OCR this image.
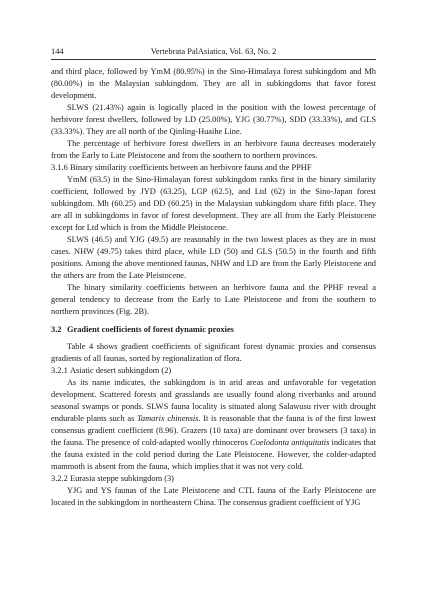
144	Vertebrata PalAsiatica, Vol. 63, No. 2

and third place, followed by YmM (80.95%) in the Sino-Himalaya forest subkingdom and Mh (80.00%) in the Malaysian subkingdom. They are all in subkingdoms that favor forest development.

SLWS (21.43%) again is logically placed in the position with the lowest percentage of herbivore forest dwellers, followed by LD (25.00%), YJG (30.77%), SDD (33.33%), and GLS (33.33%). They are all north of the Qinling-Huaihe Line.

The percentage of herbivore forest dwellers in an herbivore fauna decreases moderately from the Early to Late Pleistocene and from the southern to northern provinces.

3.1.6 Binary similarity coefficients between an herbivore fauna and the PPHF

YmM (63.5) in the Sino-Himalayan forest subkingdom ranks first in the binary similarity coefficient, followed by JYD (63.25), LGP (62.5), and Ltd (62) in the Sino-Japan forest subkingdom. Mh (60.25) and DD (60.25) in the Malaysian subkingdom share fifth place. They are all in subkingdoms in favor of forest development. They are all from the Early Pleistocene except for Ltd which is from the Middle Pleistocene.

SLWS (46.5) and YJG (49.5) are reasonably in the two lowest places as they are in most cases. NHW (49.75) takes third place, while LD (50) and GLS (50.5) in the fourth and fifth positions. Among the above mentioned faunas, NHW and LD are from the Early Pleistocene and the others are from the Late Pleistocene.

The binary similarity coefficients between an herbivore fauna and the PPHF reveal a general tendency to decrease from the Early to Late Pleistocene and from the southern to northern provinces (Fig. 2B).

3.2 Gradient coefficients of forest dynamic proxies

Table 4 shows gradient coefficients of significant forest dynamic proxies and consensus gradients of all faunas, sorted by regionalization of flora.

3.2.1 Asiatic desert subkingdom (2)

As its name indicates, the subkingdom is in arid areas and unfavorable for vegetation development. Scattered forests and grasslands are usually found along riverbanks and around seasonal swamps or ponds. SLWS fauna locality is situated along Salawusu river with drought endurable plants such as Tamarix chinensis. It is reasonable that the fauna is of the first lowest consensus gradient coefficient (8.96). Grazers (10 taxa) are dominant over browsers (3 taxa) in the fauna. The presence of cold-adapted woolly rhinoceros Coelodonta antiquitatis indicates that the fauna existed in the cold period during the Late Pleistocene. However, the colder-adapted mammoth is absent from the fauna, which implies that it was not very cold.

3.2.2 Eurasia steppe subkingdom (3)

YJG and YS faunas of the Late Pleistocene and CTL fauna of the Early Pleistocene are located in the subkingdom in northeastern China. The consensus gradient coefficient of YJG
